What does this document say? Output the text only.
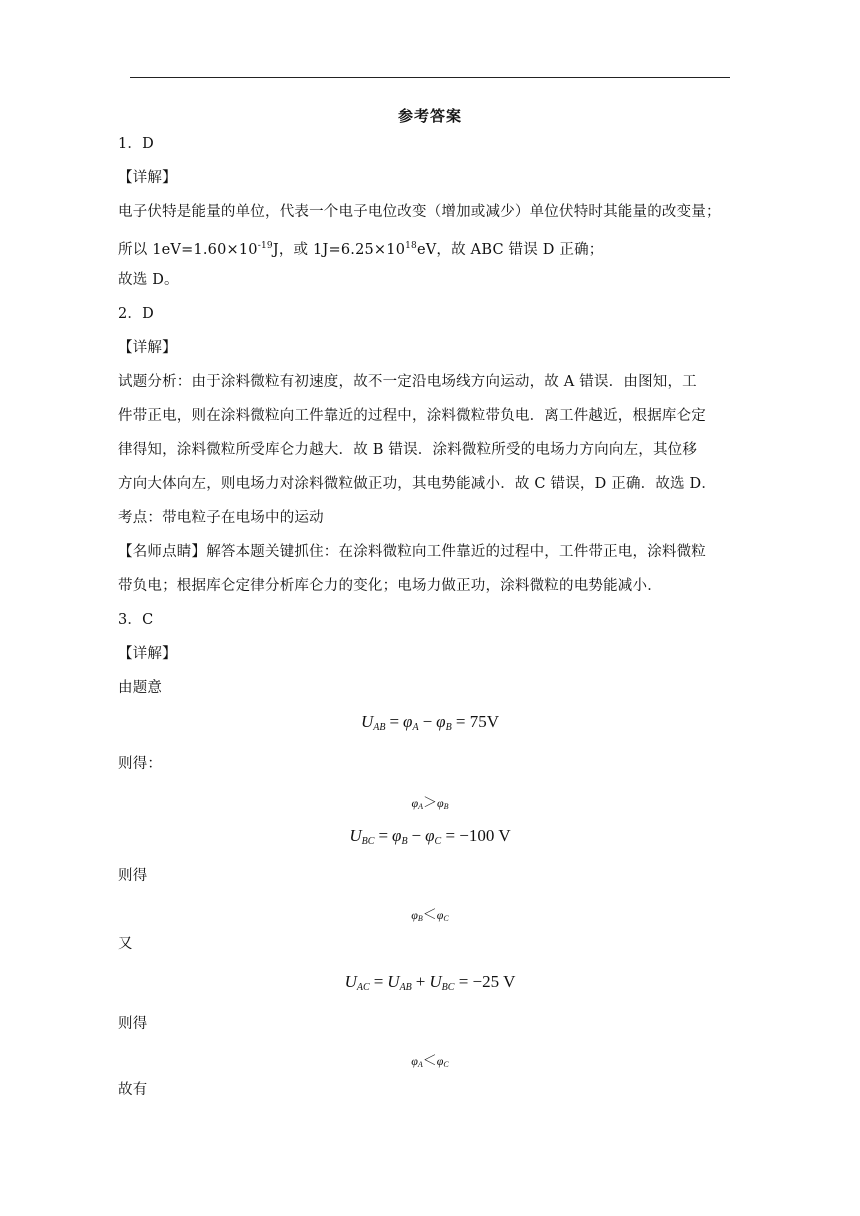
参考答案
1．D
【详解】
电子伏特是能量的单位，代表一个电子电位改变（增加或减少）单位伏特时其能量的改变量；
所以 $1eV=1.60\times 10^{-19}J$，或 $1J=6.25\times 10^{18}eV$，故 ABC 错误 D 正确；
故选 D。
2．D
【详解】
试题分析：由于涂料微粒有初速度，故不一定沿电场线方向运动，故 A 错误．由图知，工
件带正电，则在涂料微粒向工件靠近的过程中，涂料微粒带负电．离工件越近，根据库仑定
律得知，涂料微粒所受库仑力越大．故 B 错误．涂料微粒所受的电场力方向向左，其位移
方向大体向左，则电场力对涂料微粒做正功，其电势能减小．故 C 错误，D 正确．故选 D．
考点：带电粒子在电场中的运动
【名师点睛】解答本题关键抓住：在涂料微粒向工件靠近的过程中，工件带正电，涂料微粒
带负电；根据库仑定律分析库仑力的变化；电场力做正功，涂料微粒的电势能减小．
3．C
【详解】
由题意
$U_{AB} = \varphi_A - \varphi_B = 75V$
则得：
$\varphi_A>\varphi_B$
$U_{BC} = \varphi_B - \varphi_C = -100$ V
则得
$\varphi_B<\varphi_C$
又
$U_{AC} = U_{AB} + U_{BC} = -25$ V
则得
$\varphi_A<\varphi_C$
故有
